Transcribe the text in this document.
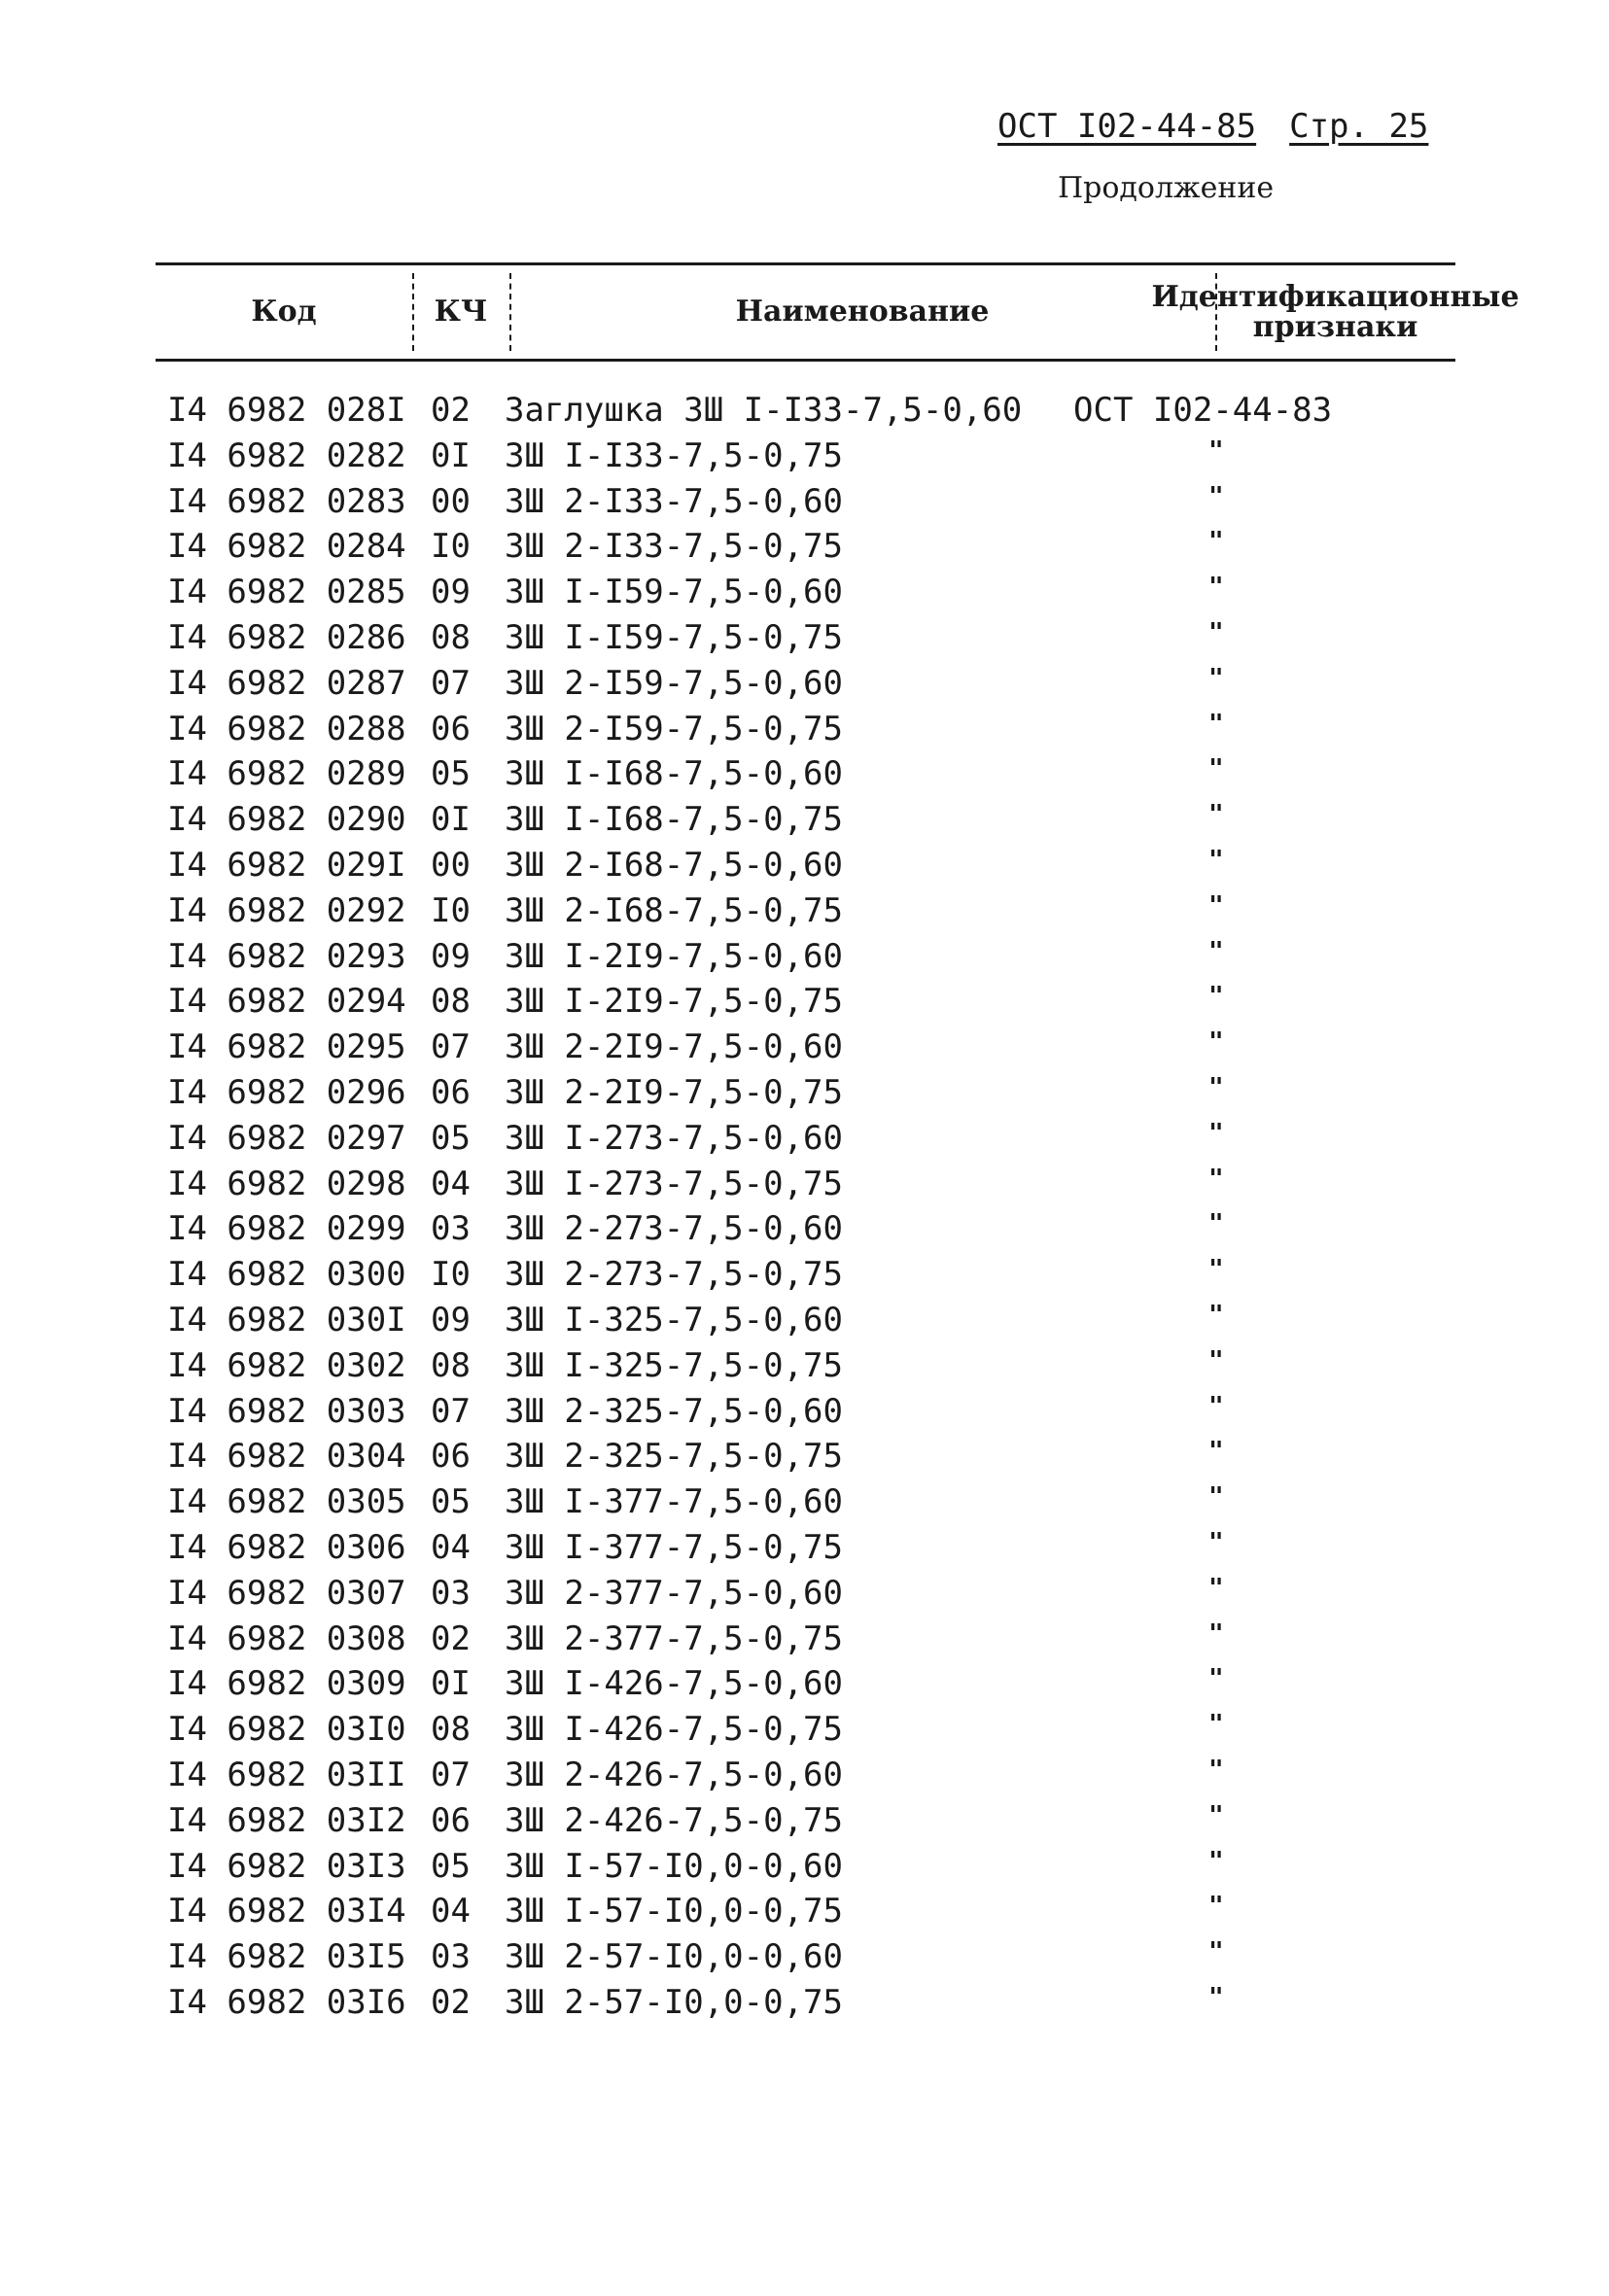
ОСТ I02-44-85 Стр. 25
Продолжение
Код	КЧ	Наименование	Идентификационные
признаки
I4 6982 028I 02 Заглушка ЗШ I-I33-7,5-0,60 ОСТ I02-44-83
I4 6982 0282 0I ЗШ I-I33-7,5-0,75	"
I4 6982 0283 00 ЗШ 2-I33-7,5-0,60	"
I4 6982 0284 I0 ЗШ 2-I33-7,5-0,75	"
I4 6982 0285 09 ЗШ I-I59-7,5-0,60	"
I4 6982 0286 08 ЗШ I-I59-7,5-0,75	"
I4 6982 0287 07 ЗШ 2-I59-7,5-0,60	"
I4 6982 0288 06 ЗШ 2-I59-7,5-0,75	"
I4 6982 0289 05 ЗШ I-I68-7,5-0,60	"
I4 6982 0290 0I ЗШ I-I68-7,5-0,75	"
I4 6982 029I 00 ЗШ 2-I68-7,5-0,60	"
I4 6982 0292 I0 ЗШ 2-I68-7,5-0,75	"
I4 6982 0293 09 ЗШ I-2I9-7,5-0,60	"
I4 6982 0294 08 ЗШ I-2I9-7,5-0,75	"
I4 6982 0295 07 ЗШ 2-2I9-7,5-0,60	"
I4 6982 0296 06 ЗШ 2-2I9-7,5-0,75	"
I4 6982 0297 05 ЗШ I-273-7,5-0,60	"
I4 6982 0298 04 ЗШ I-273-7,5-0,75	"
I4 6982 0299 03 ЗШ 2-273-7,5-0,60	"
I4 6982 0300 I0 ЗШ 2-273-7,5-0,75	"
I4 6982 030I 09 ЗШ I-325-7,5-0,60	"
I4 6982 0302 08 ЗШ I-325-7,5-0,75	"
I4 6982 0303 07 ЗШ 2-325-7,5-0,60	"
I4 6982 0304 06 ЗШ 2-325-7,5-0,75	"
I4 6982 0305 05 ЗШ I-377-7,5-0,60	"
I4 6982 0306 04 ЗШ I-377-7,5-0,75	"
I4 6982 0307 03 ЗШ 2-377-7,5-0,60	"
I4 6982 0308 02 ЗШ 2-377-7,5-0,75	"
I4 6982 0309 0I ЗШ I-426-7,5-0,60	"
I4 6982 03I0 08 ЗШ I-426-7,5-0,75	"
I4 6982 03II 07 ЗШ 2-426-7,5-0,60	"
I4 6982 03I2 06 ЗШ 2-426-7,5-0,75	"
I4 6982 03I3 05 ЗШ I-57-I0,0-0,60	"
I4 6982 03I4 04 ЗШ I-57-I0,0-0,75	"
I4 6982 03I5 03 ЗШ 2-57-I0,0-0,60	"
I4 6982 03I6 02 ЗШ 2-57-I0,0-0,75	"
